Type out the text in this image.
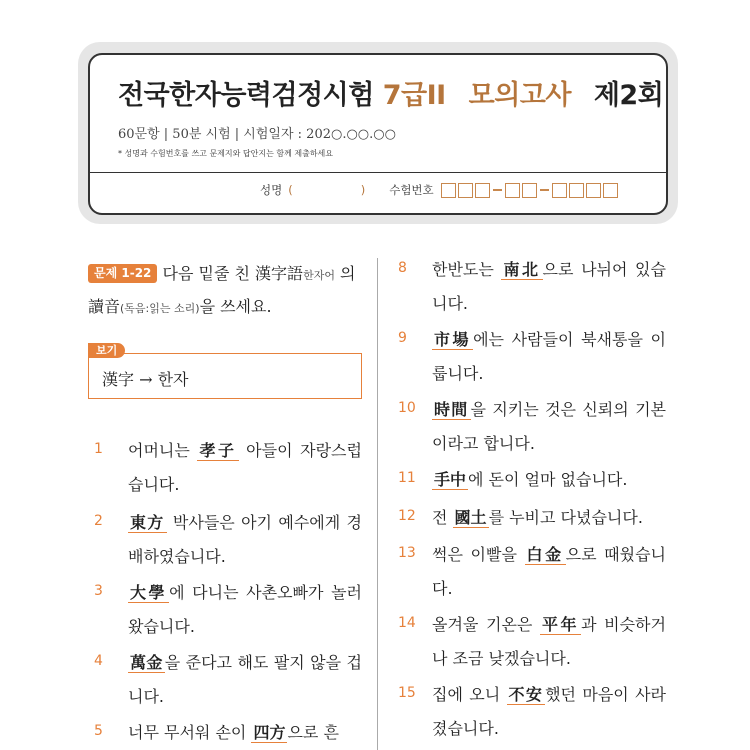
전국한자능력검정시험 7급II 모의고사 제2회
60문항 | 50분 시험 | 시험일자 : 202○.○○.○○
* 성명과 수험번호를 쓰고 문제지와 답안지는 함께 제출하세요
성명 (	) 수험번호
문제 1-22 다음 밑줄 친 漢字語한자어 의 讀音(독음:읽는 소리)을 쓰세요.
漢字 → 한자
보기
1	어머니는 孝子 아들이 자랑스럽습니다.
2	東方 박사들은 아기 예수에게 경배하였습니다.
3	大學 에 다니는 사촌오빠가 놀러왔습니다.
4	萬金 을 준다고 해도 팔지 않을 겁니다.
5	너무 무서워 손이 四方 으로 흔
8	한반도는 南北 으로 나뉘어 있습니다.
9	市場 에는 사람들이 북새통을 이룹니다.
10 時間 을 지키는 것은 신뢰의 기본이라고 합니다.
11 手中 에 돈이 얼마 없습니다.
12 전 國土 를 누비고 다녔습니다.
13 썩은 이빨을 白金 으로 때웠습니다.
14 올겨울 기온은 平年 과 비슷하거나 조금 낮겠습니다.
15 집에 오니 不安 했던 마음이 사라졌습니다.
